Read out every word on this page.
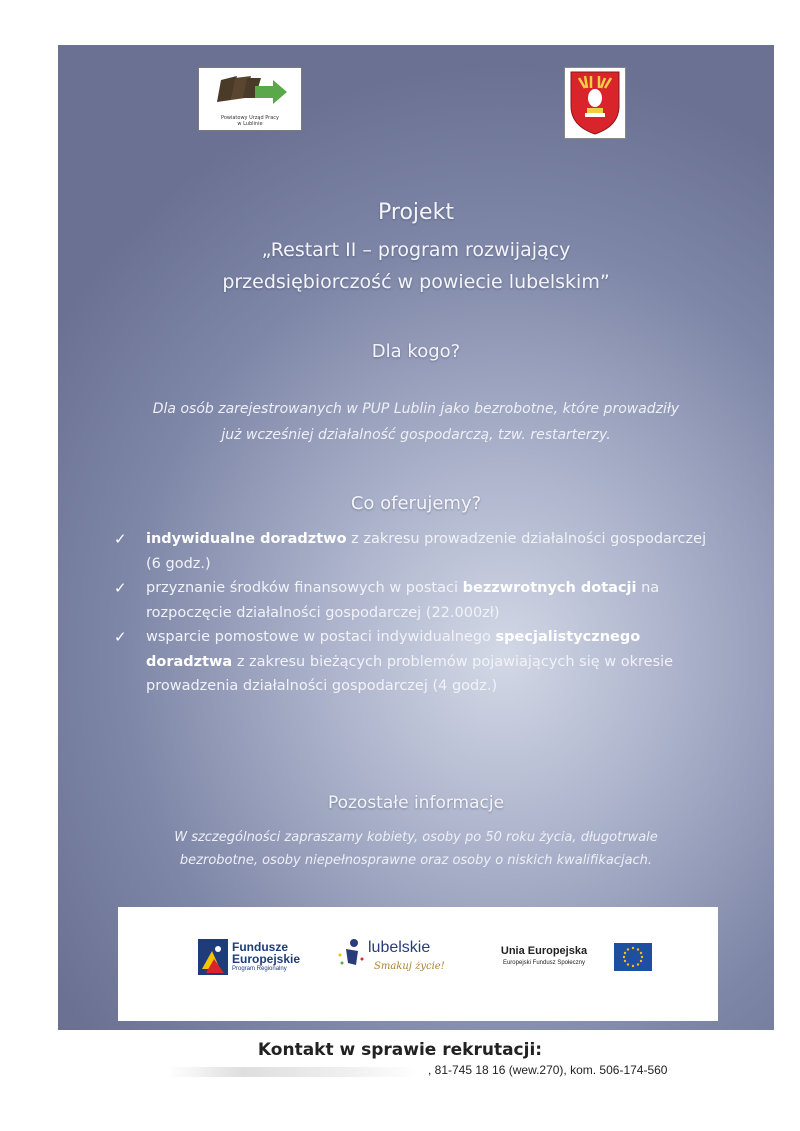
Powiatowy Urząd Pracy
w Lublinie
Projekt
„Restart II – program rozwijający
przedsiębiorczość w powiecie lubelskim”
Dla kogo?
Dla osób zarejestrowanych w PUP Lublin jako bezrobotne, które prowadziły
już wcześniej działalność gospodarczą, tzw. restarterzy.
Co oferujemy?
✓ indywidualne doradztwo z zakresu prowadzenie działalności gospodarczej (6 godz.)
✓ przyznanie środków finansowych w postaci bezzwrotnych dotacji na rozpoczęcie działalności gospodarczej (22.000zł)
✓ wsparcie pomostowe w postaci indywidualnego specjalistycznego doradztwa z zakresu bieżących problemów pojawiających się w okresie prowadzenia działalności gospodarczej (4 godz.)
Pozostałe informacje
W szczególności zapraszamy kobiety, osoby po 50 roku życia, długotrwale
bezrobotne, osoby niepełnosprawne oraz osoby o niskich kwalifikacjach.
Fundusze
Europejskie
Program Regionalny
lubelskie
Smakuj życie!
Unia Europejska
Europejski Fundusz Społeczny
Kontakt w sprawie rekrutacji:
, 81-745 18 16 (wew.270), kom. 506-174-560
